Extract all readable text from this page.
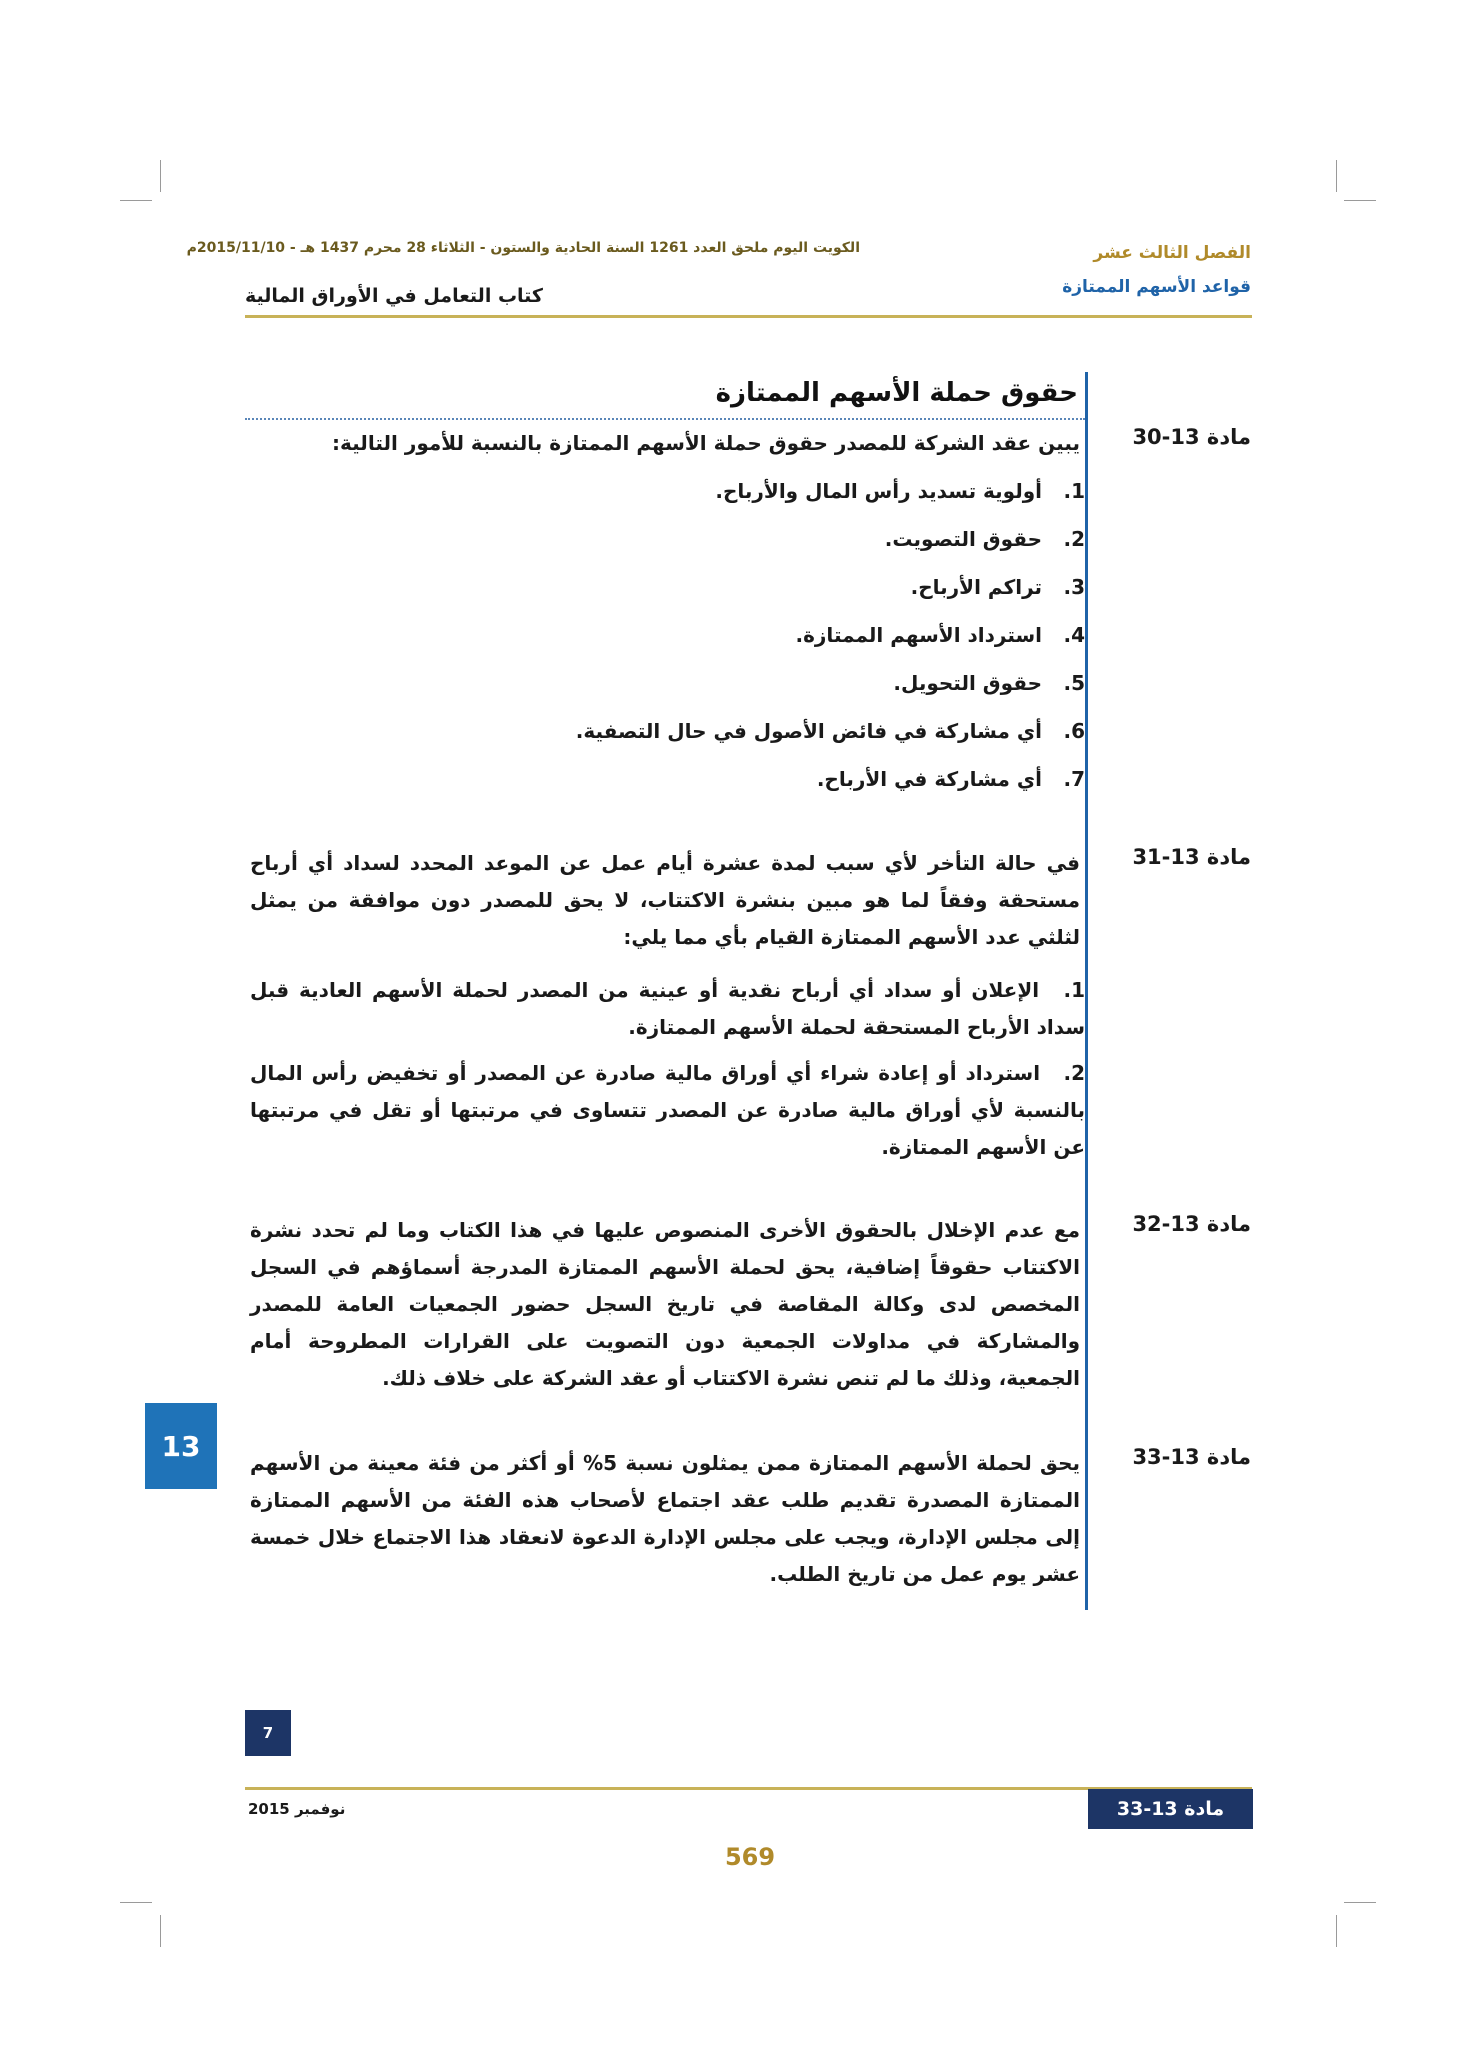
الكويت اليوم ملحق العدد 1261 السنة الحادية والستون - الثلاثاء 28 محرم 1437 هـ - 2015/11/10م
كتاب التعامل في الأوراق المالية
الفصل الثالث عشر
قواعد الأسهم الممتازة
حقوق حملة الأسهم الممتازة
مادة 13-30
يبين عقد الشركة للمصدر حقوق حملة الأسهم الممتازة بالنسبة للأمور التالية:
1. أولوية تسديد رأس المال والأرباح.
2. حقوق التصويت.
3. تراكم الأرباح.
4. استرداد الأسهم الممتازة.
5. حقوق التحويل.
6. أي مشاركة في فائض الأصول في حال التصفية.
7. أي مشاركة في الأرباح.
مادة 13-31
في حالة التأخر لأي سبب لمدة عشرة أيام عمل عن الموعد المحدد لسداد أي أرباح مستحقة وفقاً لما هو مبين بنشرة الاكتتاب، لا يحق للمصدر دون موافقة من يمثل لثلثي عدد الأسهم الممتازة القيام بأي مما يلي:
1. الإعلان أو سداد أي أرباح نقدية أو عينية من المصدر لحملة الأسهم العادية قبل سداد الأرباح المستحقة لحملة الأسهم الممتازة.
2. استرداد أو إعادة شراء أي أوراق مالية صادرة عن المصدر أو تخفيض رأس المال بالنسبة لأي أوراق مالية صادرة عن المصدر تتساوى في مرتبتها أو تقل في مرتبتها عن الأسهم الممتازة.
مادة 13-32
مع عدم الإخلال بالحقوق الأخرى المنصوص عليها في هذا الكتاب وما لم تحدد نشرة الاكتتاب حقوقاً إضافية، يحق لحملة الأسهم الممتازة المدرجة أسماؤهم في السجل المخصص لدى وكالة المقاصة في تاريخ السجل حضور الجمعيات العامة للمصدر والمشاركة في مداولات الجمعية دون التصويت على القرارات المطروحة أمام الجمعية، وذلك ما لم تنص نشرة الاكتتاب أو عقد الشركة على خلاف ذلك.
مادة 13-33
يحق لحملة الأسهم الممتازة ممن يمثلون نسبة 5% أو أكثر من فئة معينة من الأسهم الممتازة المصدرة تقديم طلب عقد اجتماع لأصحاب هذه الفئة من الأسهم الممتازة إلى مجلس الإدارة، ويجب على مجلس الإدارة الدعوة لانعقاد هذا الاجتماع خلال خمسة عشر يوم عمل من تاريخ الطلب.
13
7
نوفمبر 2015	مادة 13-33
569
